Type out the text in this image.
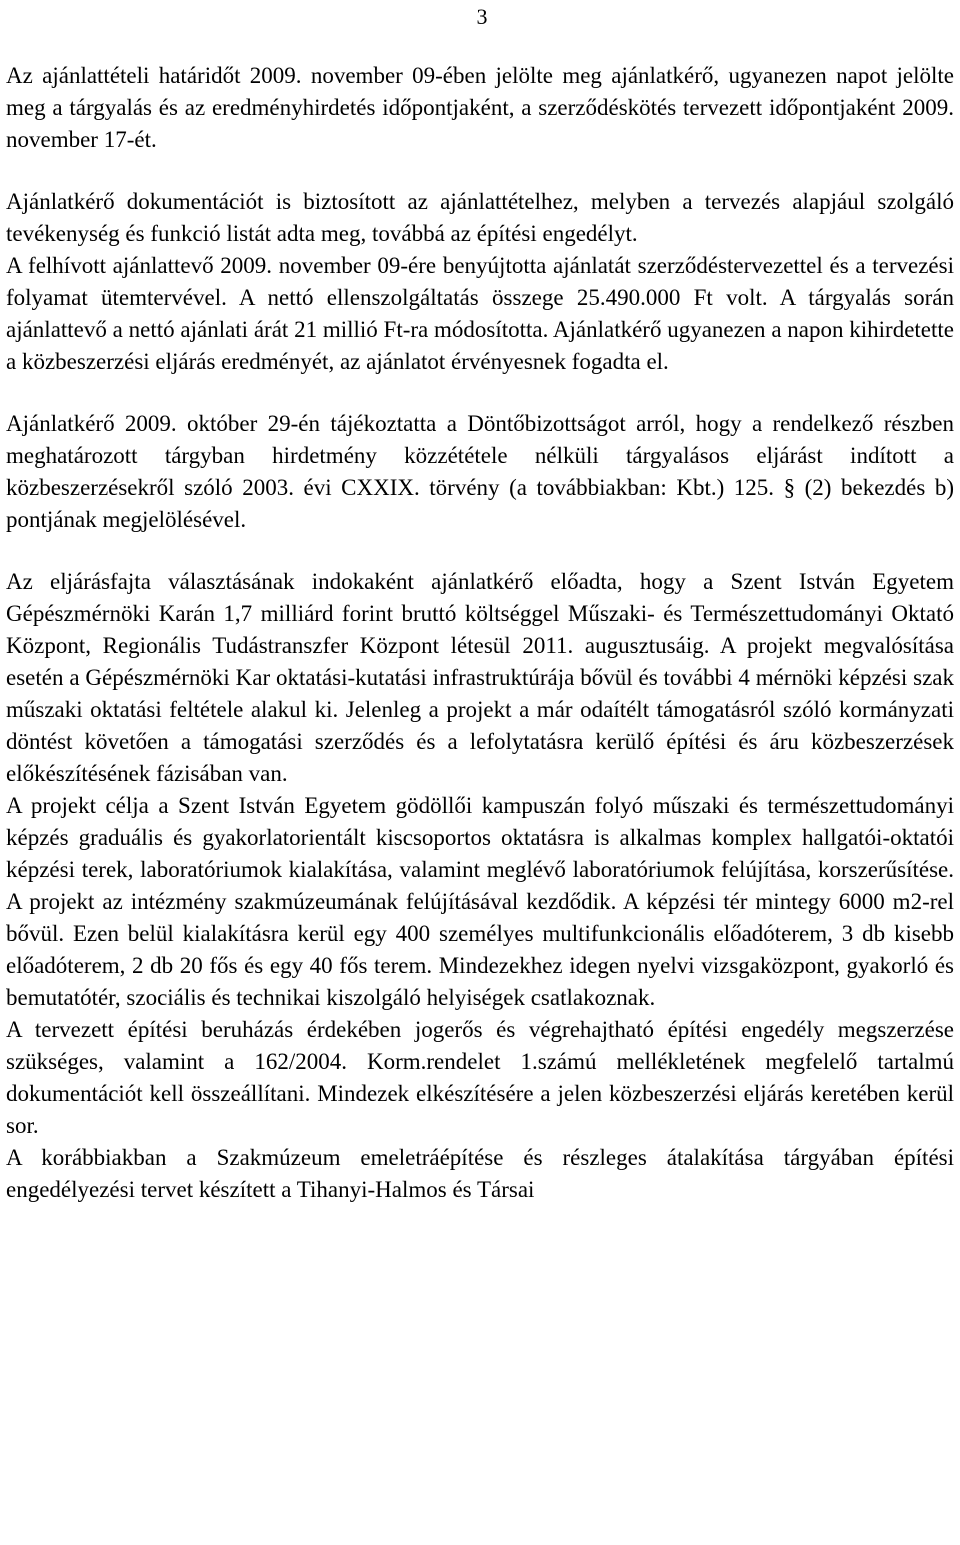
3

Az ajánlattételi határidőt 2009. november 09-ében jelölte meg ajánlatkérő, ugyanezen napot jelölte meg a tárgyalás és az eredményhirdetés időpontjaként, a szerződéskötés tervezett időpontjaként 2009. november 17-ét.

Ajánlatkérő dokumentációt is biztosított az ajánlattételhez, melyben a tervezés alapjául szolgáló tevékenység és funkció listát adta meg, továbbá az építési engedélyt.

A felhívott ajánlattevő 2009. november 09-ére benyújtotta ajánlatát szerződéstervezettel és a tervezési folyamat ütemtervével. A nettó ellenszolgáltatás összege 25.490.000 Ft volt. A tárgyalás során ajánlattevő a nettó ajánlati árát 21 millió Ft-ra módosította. Ajánlatkérő ugyanezen a napon kihirdetette a közbeszerzési eljárás eredményét, az ajánlatot érvényesnek fogadta el.

Ajánlatkérő 2009. október 29-én tájékoztatta a Döntőbizottságot arról, hogy a rendelkező részben meghatározott tárgyban hirdetmény közzététele nélküli tárgyalásos eljárást indított a közbeszerzésekről szóló 2003. évi CXXIX. törvény (a továbbiakban: Kbt.) 125. § (2) bekezdés b) pontjának megjelölésével.

Az eljárásfajta választásának indokaként ajánlatkérő előadta, hogy a Szent István Egyetem Gépészmérnöki Karán 1,7 milliárd forint bruttó költséggel Műszaki- és Természettudományi Oktató Központ, Regionális Tudástranszfer Központ létesül 2011. augusztusáig. A projekt megvalósítása esetén a Gépészmérnöki Kar oktatási-kutatási infrastruktúrája bővül és további 4 mérnöki képzési szak műszaki oktatási feltétele alakul ki. Jelenleg a projekt a már odaítélt támogatásról szóló kormányzati döntést követően a támogatási szerződés és a lefolytatásra kerülő építési és áru közbeszerzések előkészítésének fázisában van.

A projekt célja a Szent István Egyetem gödöllői kampuszán folyó műszaki és természettudományi képzés graduális és gyakorlatorientált kiscsoportos oktatásra is alkalmas komplex hallgatói-oktatói képzési terek, laboratóriumok kialakítása, valamint meglévő laboratóriumok felújítása, korszerűsítése. A projekt az intézmény szakmúzeumának felújításával kezdődik. A képzési tér mintegy 6000 m2-rel bővül. Ezen belül kialakításra kerül egy 400 személyes multifunkcionális előadóterem, 3 db kisebb előadóterem, 2 db 20 fős és egy 40 fős terem. Mindezekhez idegen nyelvi vizsgaközpont, gyakorló és bemutatótér, szociális és technikai kiszolgáló helyiségek csatlakoznak.

A tervezett építési beruházás érdekében jogerős és végrehajtható építési engedély megszerzése szükséges, valamint a 162/2004. Korm.rendelet 1.számú mellékletének megfelelő tartalmú dokumentációt kell összeállítani. Mindezek elkészítésére a jelen közbeszerzési eljárás keretében kerül sor.

A korábbiakban a Szakmúzeum emeletráépítése és részleges átalakítása tárgyában építési engedélyezési tervet készített a Tihanyi-Halmos és Társai
